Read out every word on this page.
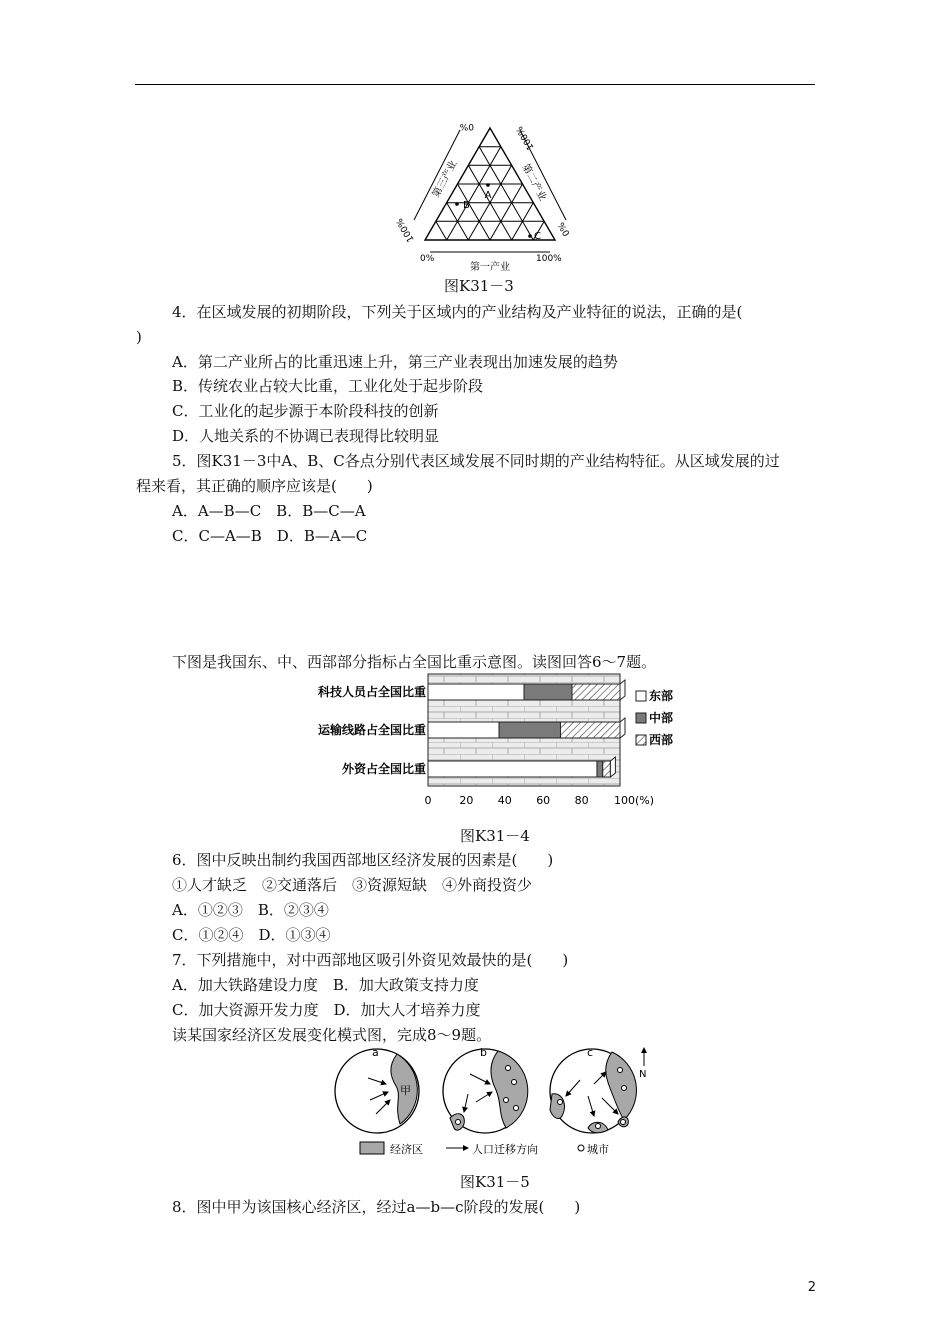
A
B
C
第三产业	第二产业
0%	100%
100%	0%
0%	100%
第一产业
图K31－3
4．在区域发展的初期阶段，下列关于区域内的产业结构及产业特征的说法，正确的是(
)
A．第二产业所占的比重迅速上升，第三产业表现出加速发展的趋势
B．传统农业占较大比重，工业化处于起步阶段
C．工业化的起步源于本阶段科技的创新
D．人地关系的不协调已表现得比较明显
5．图K31－3中A、B、C各点分别代表区域发展不同时期的产业结构特征。从区域发展的过
程来看，其正确的顺序应该是(　　)
A．A—B—C　B．B—C—A
C．C—A—B　D．B—A—C
下图是我国东、中、西部部分指标占全国比重示意图。读图回答6～7题。
科技人员占全国比重
运输线路占全国比重
外资占全国比重
0	20 40 60 80 100(%)
东部
中部
西部
图K31－4
6．图中反映出制约我国西部地区经济发展的因素是(　　)
①人才缺乏　②交通落后　③资源短缺　④外商投资少
A．①②③　B．②③④
C．①②④　D．①③④
7．下列措施中，对中西部地区吸引外资见效最快的是(　　)
A．加大铁路建设力度　B．加大政策支持力度
C．加大资源开发力度　D．加大人才培养力度
读某国家经济区发展变化模式图，完成8～9题。
a
甲
b	c
N
经济区	人口迁移方向	城市
图K31－5
8．图中甲为该国核心经济区，经过a—b—c阶段的发展(　　)
2
